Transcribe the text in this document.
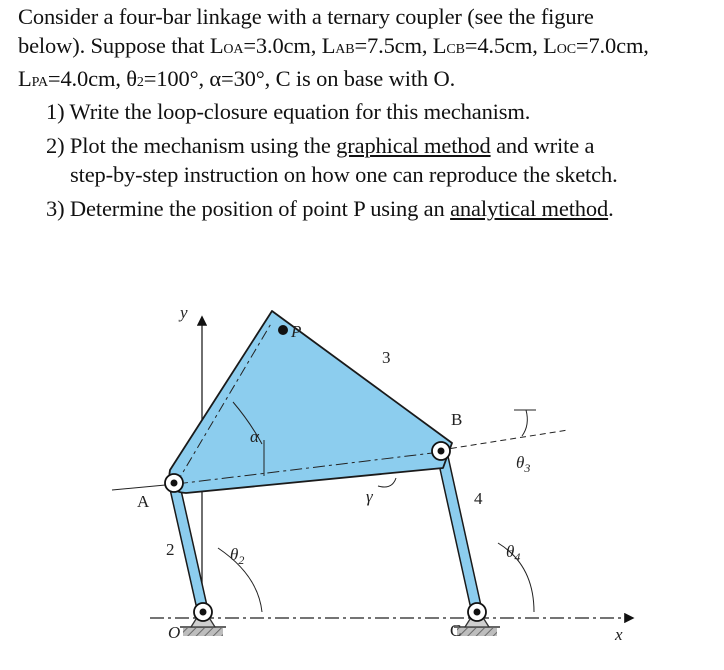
Consider a four-bar linkage with a ternary coupler (see the figure
below). Suppose that LOA=3.0cm, LAB=7.5cm, LCB=4.5cm, LOC=7.0cm,
LPA=4.0cm, θ2=100°, α=30°, C is on base with O.
1) Write the loop-closure equation for this mechanism.
2) Plot the mechanism using the graphical method and write a
step-by-step instruction on how one can reproduce the sketch.
3) Determine the position of point P using an analytical method.
y
P
3
α
B
$\theta_3$
A	γ	4
2	$\theta_2$	$\theta_4$
O	C	x
